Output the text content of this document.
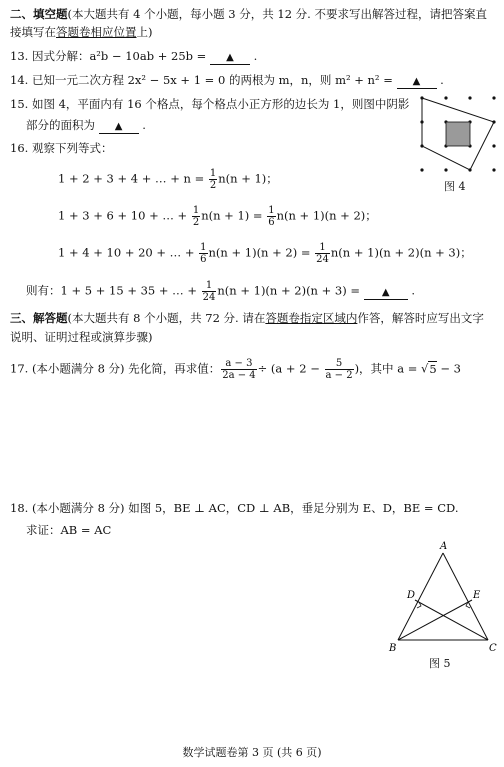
二、填空题(本大题共有 4 个小题，每小题 3 分，共 12 分. 不要求写出解答过程，请把答案直
接填写在答题卷相应位置上)
13. 因式分解：a²b − 10ab + 25b = ▲ .
14. 已知一元二次方程 2x² − 5x + 1 = 0 的两根为 m，n，则 m² + n² = ▲ .
15. 如图 4，平面内有 16 个格点，每个格点小正方形的边长为 1，则图中阴影
部分的面积为 ▲ .
图 4
16. 观察下列等式：
1 + 2 + 3 + 4 + … + $n = \frac{1}{2} n(n + 1)$；
1 + 3 + 6 + 10 + … + $\frac{1}{2} n(n + 1) = \frac{1}{6} n(n + 1)(n + 2)$；
1 + 4 + 10 + 20 + … + $\frac{1}{6} n(n + 1)(n + 2) = \frac{1}{24} n(n + 1)(n + 2)(n + 3)$；
则有：1 + 5 + 15 + 35 + … + $\frac{1}{24} n(n + 1)(n + 2)(n + 3)$ = ▲ .
三、解答题(本大题共有 8 个小题，共 72 分. 请在答题卷指定区域内作答，解答时应写出文字
说明、证明过程或演算步骤)
17. (本小题满分 8 分) 先化简，再求值： $\frac{a - 3}{2a - 4} \div (a + 2 - \frac{5}{a - 2}$ )，其中 a = √5 − 3
18. (本小题满分 8 分) 如图 5，BE ⊥ AC，CD ⊥ AB，垂足分别为 E、D，BE = CD.
求证：AB = AC
A
B	C
D	E
图 5
数学试题卷第 3 页 (共 6 页)
